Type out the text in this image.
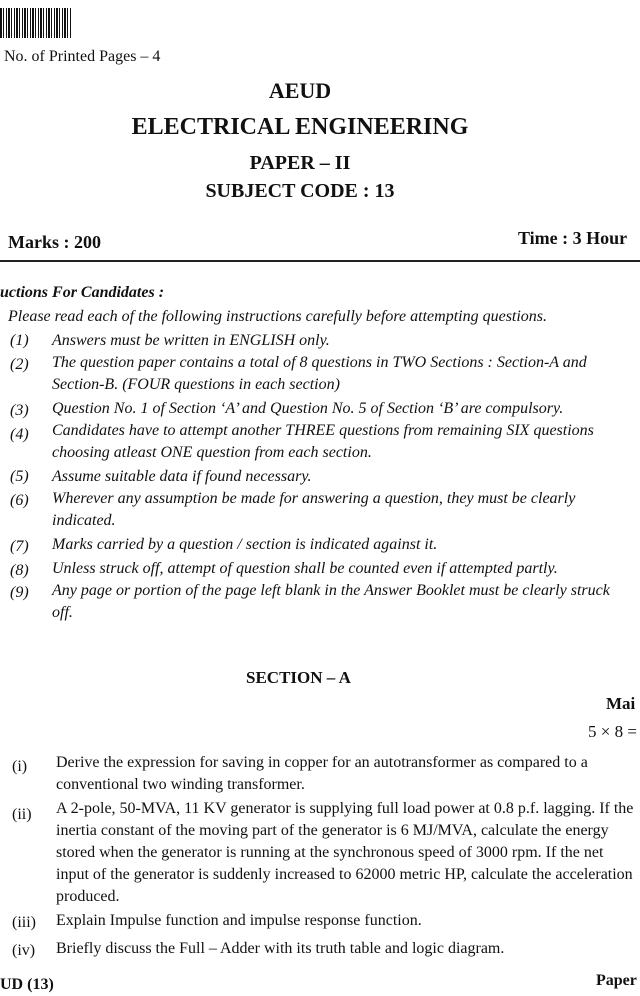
No. of Printed Pages – 4
AEUD
ELECTRICAL ENGINEERING
PAPER – II
SUBJECT CODE : 13
Marks : 200	Time : 3 Hour
uctions For Candidates :
Please read each of the following instructions carefully before attempting questions.
(1) Answers must be written in ENGLISH only.
(2) The question paper contains a total of 8 questions in TWO Sections : Section-A and Section-B. (FOUR questions in each section)
(3) Question No. 1 of Section ‘A’ and Question No. 5 of Section ‘B’ are compulsory.
(4) Candidates have to attempt another THREE questions from remaining SIX questions choosing atleast ONE question from each section.
(5) Assume suitable data if found necessary.
(6) Wherever any assumption be made for answering a question, they must be clearly indicated.
(7) Marks carried by a question / section is indicated against it.
(8) Unless struck off, attempt of question shall be counted even if attempted partly.
(9) Any page or portion of the page left blank in the Answer Booklet must be clearly struck off.
SECTION – A
Mai
5 × 8 =
(i) Derive the expression for saving in copper for an autotransformer as compared to a conventional two winding transformer.
(ii) A 2-pole, 50-MVA, 11 KV generator is supplying full load power at 0.8 p.f. lagging. If the inertia constant of the moving part of the generator is 6 MJ/MVA, calculate the energy stored when the generator is running at the synchronous speed of 3000 rpm. If the net input of the generator is suddenly increased to 62000 metric HP, calculate the acceleration produced.
(iii) Explain Impulse function and impulse response function.
(iv) Briefly discuss the Full – Adder with its truth table and logic diagram.
UD (13)	Paper
